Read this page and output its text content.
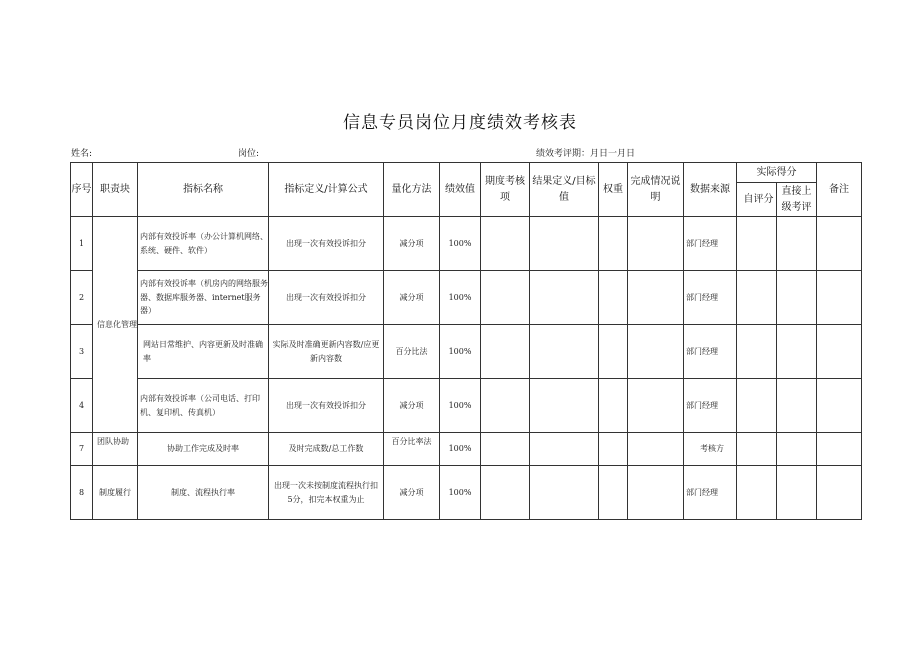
信息专员岗位月度绩效考核表
姓名:	岗位:	绩效考评期：月日一月日
序号	职责块	指标名称	指标定义/计算公式	量化方法	绩效值	期度考核项	结果定义/目标值	权重	完成情况说明	数据来源	实际得分		备注
											自评分	直接上级考评	
1	信息化管理	内部有效投诉率（办公计算机网络、系统、硬件、软件）	出现一次有效投诉扣分	减分项	100%					部门经理			
2		内部有效投诉率（机房内的网络服务器、数据库服务器、internet服务器）	出现一次有效投诉扣分	减分项	100%					部门经理			
3		网站日常维护、内容更新及时准确率	实际及时准确更新内容数/应更新内容数	百分比法	100%					部门经理			
4		内部有效投诉率（公司电话、打印机、复印机、传真机）	出现一次有效投诉扣分	减分项	100%					部门经理			
7	团队协助	协助工作完成及时率	及时完成数/总工作数	百分比率法	100%					考核方			
8	制度履行	制度、流程执行率	出现一次未按制度流程执行扣5分，扣完本权重为止	减分项	100%					部门经理			
